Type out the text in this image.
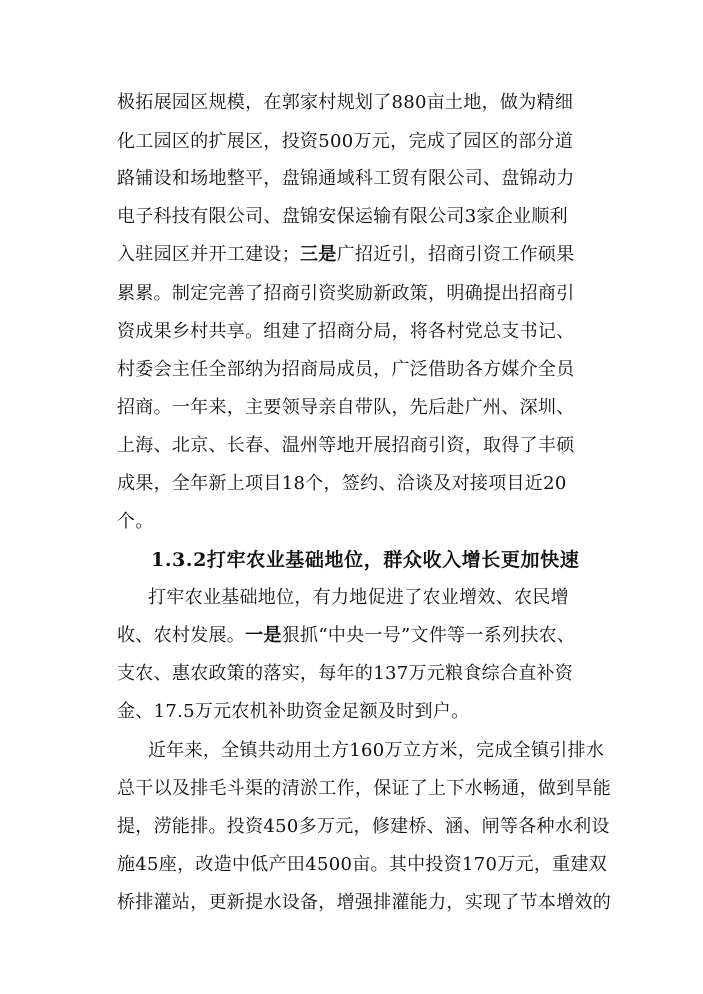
极拓展园区规模，在郭家村规划了880亩土地，做为精细
化工园区的扩展区，投资500万元，完成了园区的部分道
路铺设和场地整平，盘锦通域科工贸有限公司、盘锦动力
电子科技有限公司、盘锦安保运输有限公司3家企业顺利
入驻园区并开工建设；三是广招近引，招商引资工作硕果
累累。制定完善了招商引资奖励新政策，明确提出招商引
资成果乡村共享。组建了招商分局，将各村党总支书记、
村委会主任全部纳为招商局成员，广泛借助各方媒介全员
招商。一年来，主要领导亲自带队，先后赴广州、深圳、
上海、北京、长春、温州等地开展招商引资，取得了丰硕
成果，全年新上项目18个，签约、洽谈及对接项目近20
个。
1.3.2打牢农业基础地位，群众收入增长更加快速
打牢农业基础地位，有力地促进了农业增效、农民增
收、农村发展。一是狠抓“中央一号”文件等一系列扶农、
支农、惠农政策的落实，每年的137万元粮食综合直补资
金、17.5万元农机补助资金足额及时到户。
近年来，全镇共动用土方160万立方米，完成全镇引排水
总干以及排毛斗渠的清淤工作，保证了上下水畅通，做到旱能
提，涝能排。投资450多万元，修建桥、涵、闸等各种水利设
施45座，改造中低产田4500亩。其中投资170万元，重建双
桥排灌站，更新提水设备，增强排灌能力，实现了节本增效的
